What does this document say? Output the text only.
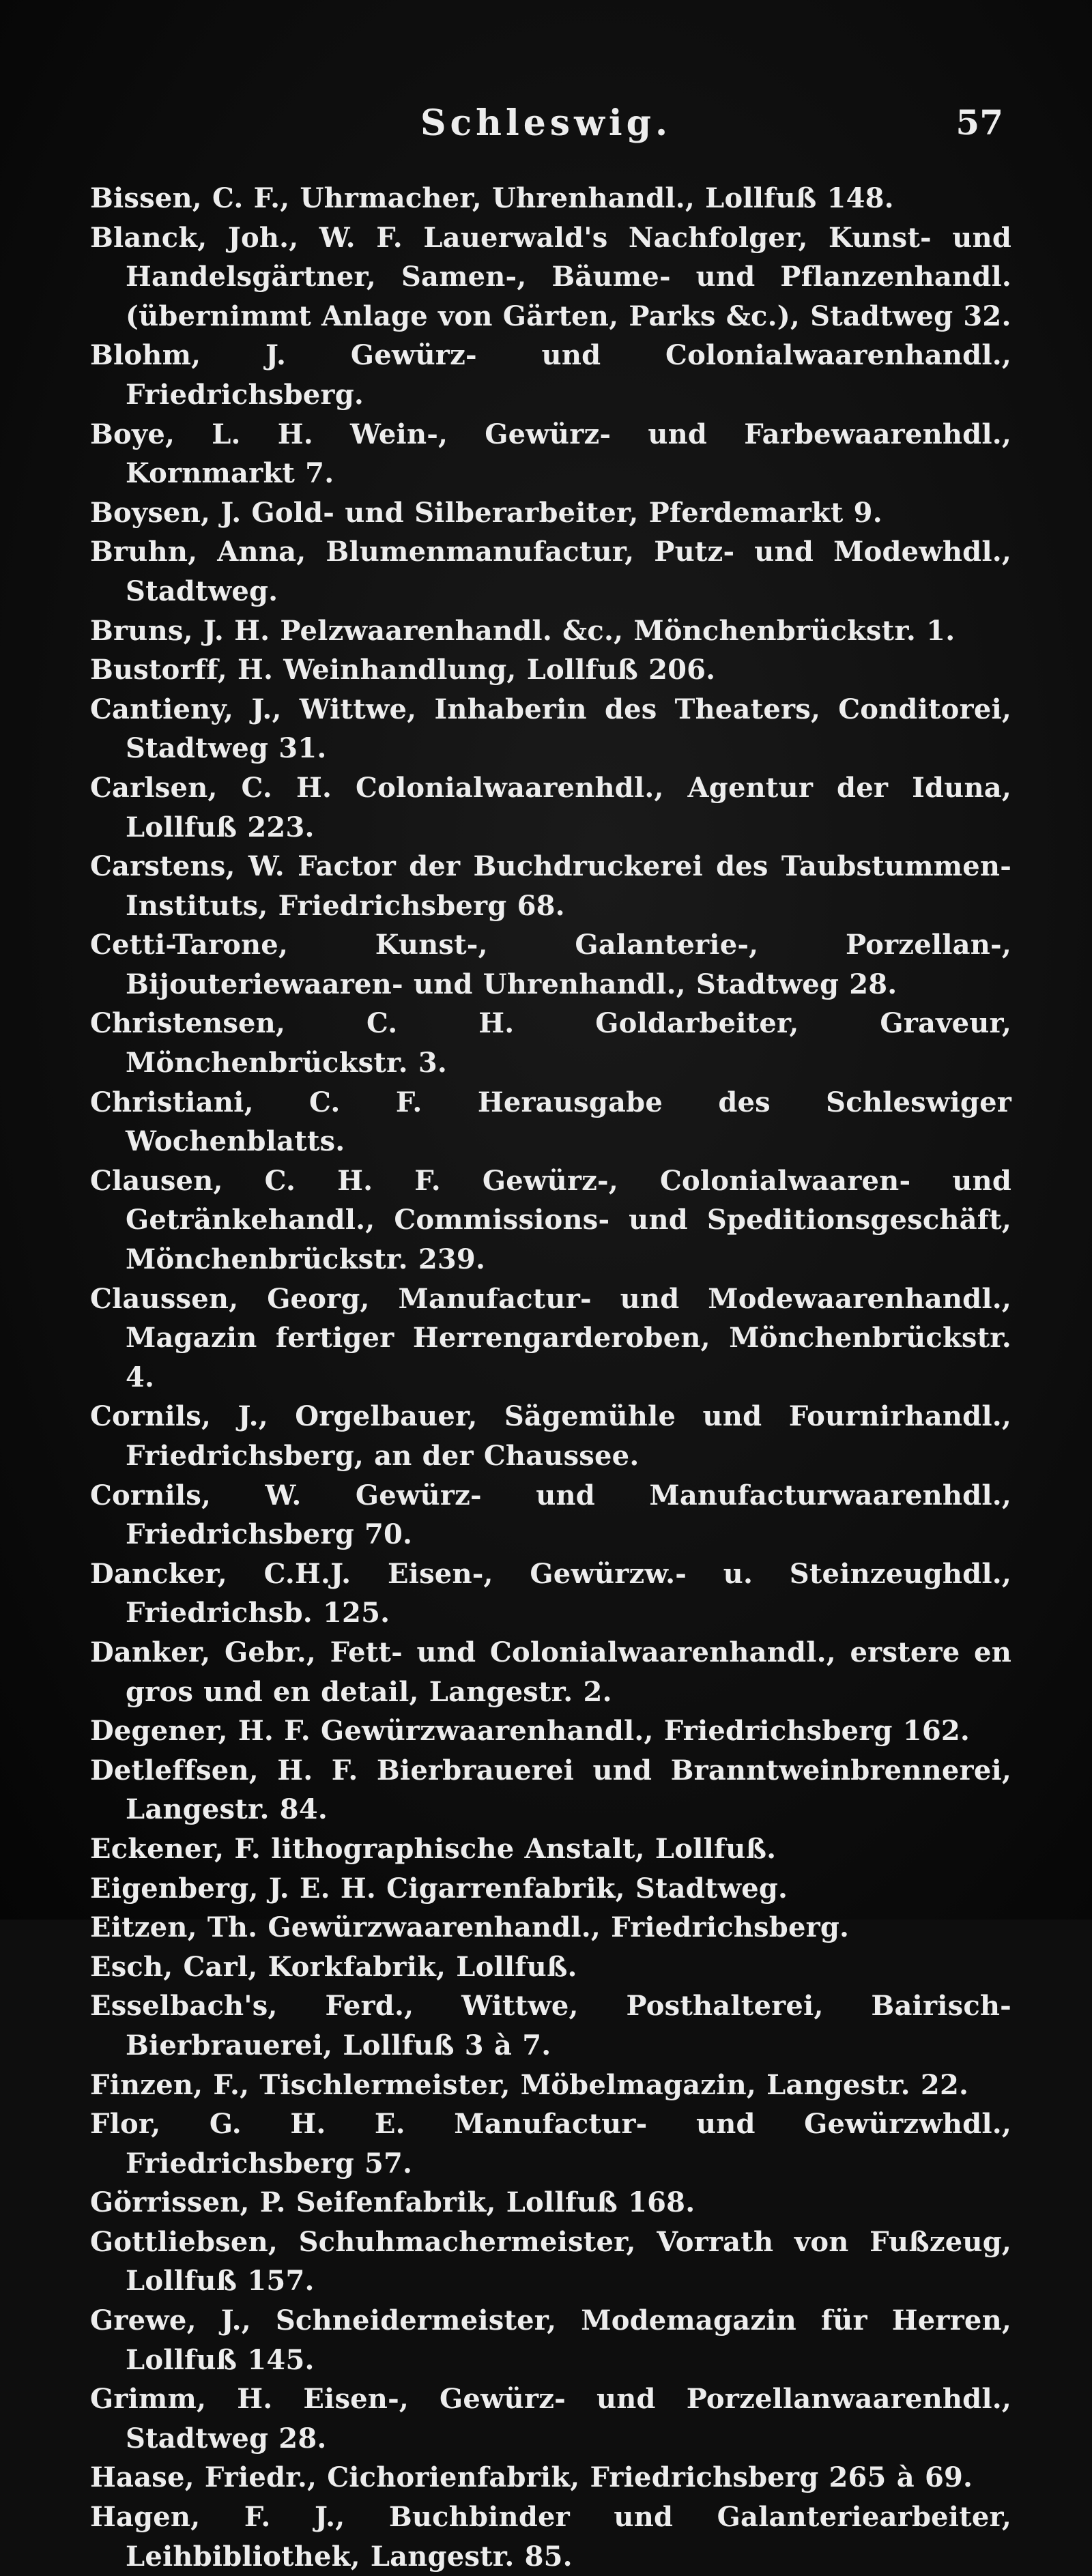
Schleswig.	57
Bissen, C. F., Uhrmacher, Uhrenhandl., Lollfuß 148.
Blanck, Joh., W. F. Lauerwald's Nachfolger, Kunst- und Handelsgärtner, Samen-, Bäume- und Pflanzenhandl. (übernimmt Anlage von Gärten, Parks &c.), Stadtweg 32.
Blohm, J. Gewürz- und Colonialwaarenhandl., Friedrichsberg.
Boye, L. H. Wein-, Gewürz- und Farbewaarenhdl., Kornmarkt 7.
Boysen, J. Gold- und Silberarbeiter, Pferdemarkt 9.
Bruhn, Anna, Blumenmanufactur, Putz- und Modewhdl., Stadtweg.
Bruns, J. H. Pelzwaarenhandl. &c., Mönchenbrückstr. 1.
Bustorff, H. Weinhandlung, Lollfuß 206.
Cantieny, J., Wittwe, Inhaberin des Theaters, Conditorei, Stadtweg 31.
Carlsen, C. H. Colonialwaarenhdl., Agentur der Iduna, Lollfuß 223.
Carstens, W. Factor der Buchdruckerei des Taubstummen-Instituts, Friedrichsberg 68.
Cetti-Tarone, Kunst-, Galanterie-, Porzellan-, Bijouteriewaaren- und Uhrenhandl., Stadtweg 28.
Christensen, C. H. Goldarbeiter, Graveur, Mönchenbrückstr. 3.
Christiani, C. F. Herausgabe des Schleswiger Wochenblatts.
Clausen, C. H. F. Gewürz-, Colonialwaaren- und Getränkehandl., Commissions- und Speditionsgeschäft, Mönchenbrückstr. 239.
Claussen, Georg, Manufactur- und Modewaarenhandl., Magazin fertiger Herrengarderoben, Mönchenbrückstr. 4.
Cornils, J., Orgelbauer, Sägemühle und Fournirhandl., Friedrichsberg, an der Chaussee.
Cornils, W. Gewürz- und Manufacturwaarenhdl., Friedrichsberg 70.
Dancker, C.H.J. Eisen-, Gewürzw.- u. Steinzeughdl., Friedrichsb. 125.
Danker, Gebr., Fett- und Colonialwaarenhandl., erstere en gros und en detail, Langestr. 2.
Degener, H. F. Gewürzwaarenhandl., Friedrichsberg 162.
Detleffsen, H. F. Bierbrauerei und Branntweinbrennerei, Langestr. 84.
Eckener, F. lithographische Anstalt, Lollfuß.
Eigenberg, J. E. H. Cigarrenfabrik, Stadtweg.
Eitzen, Th. Gewürzwaarenhandl., Friedrichsberg.
Esch, Carl, Korkfabrik, Lollfuß.
Esselbach's, Ferd., Wittwe, Posthalterei, Bairisch-Bierbrauerei, Lollfuß 3 à 7.
Finzen, F., Tischlermeister, Möbelmagazin, Langestr. 22.
Flor, G. H. E. Manufactur- und Gewürzwhdl., Friedrichsberg 57.
Görrissen, P. Seifenfabrik, Lollfuß 168.
Gottliebsen, Schuhmachermeister, Vorrath von Fußzeug, Lollfuß 157.
Grewe, J., Schneidermeister, Modemagazin für Herren, Lollfuß 145.
Grimm, H. Eisen-, Gewürz- und Porzellanwaarenhdl., Stadtweg 28.
Haase, Friedr., Cichorienfabrik, Friedrichsberg 265 à 69.
Hagen, F. J., Buchbinder und Galanteriearbeiter, Leihbibliothek, Langestr. 85.
